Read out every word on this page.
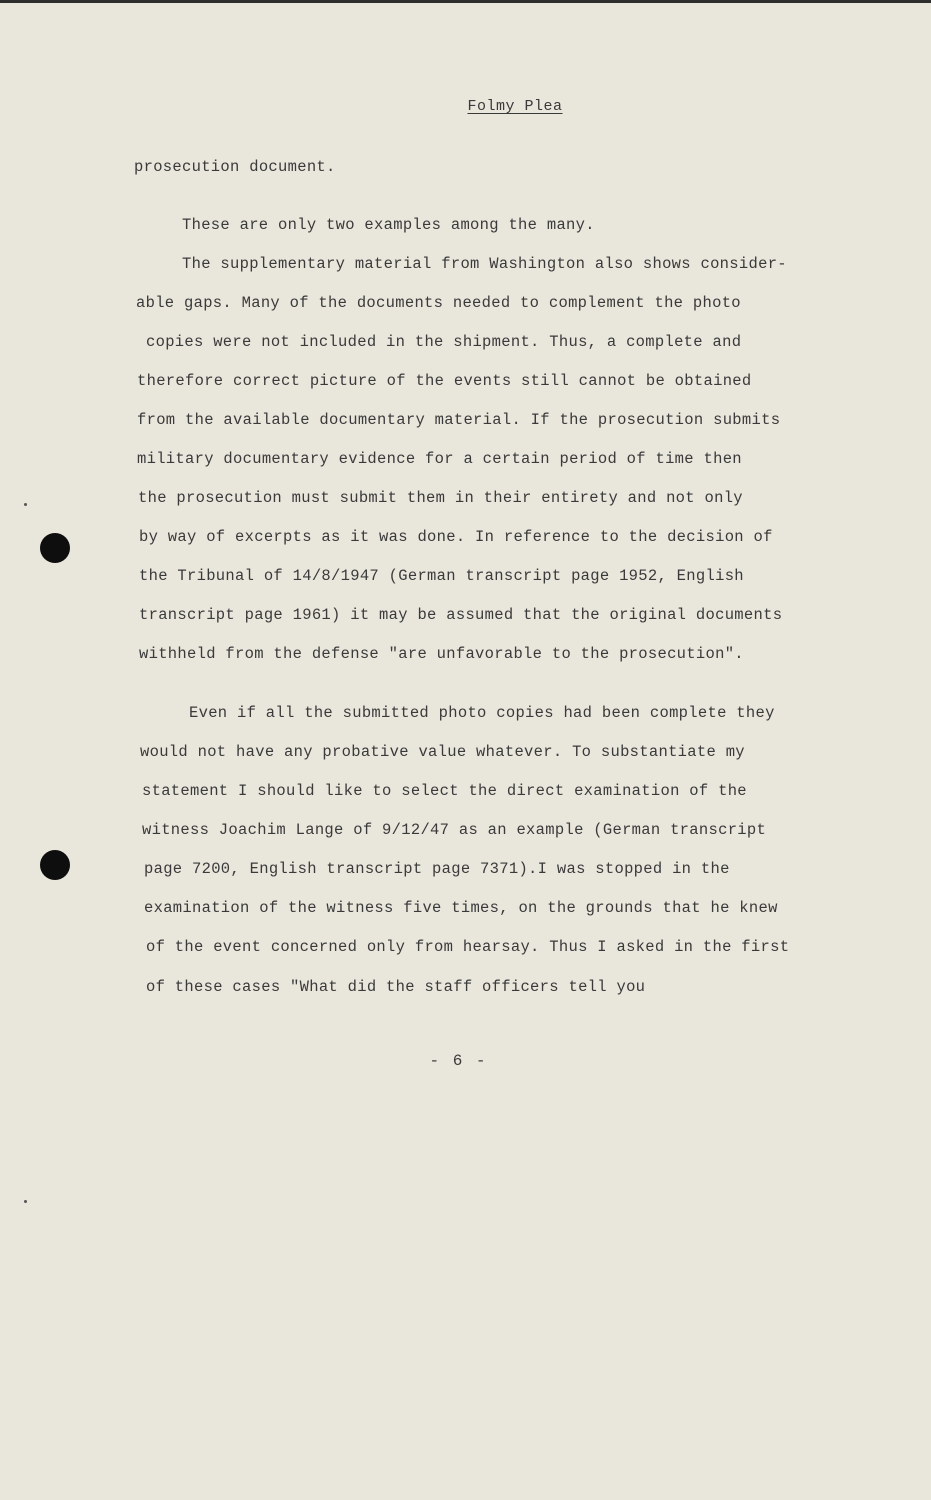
Folmy Plea
prosecution document.
These are only two examples among the many.
The supplementary material from Washington also shows consider-
able gaps. Many of the documents needed to complement the photo
copies were not included in the shipment. Thus, a complete and
therefore correct picture of the events still cannot be obtained
from the available documentary material. If the prosecution submits
military documentary evidence for a certain period of time then
the prosecution must submit them in their entirety and not only
by way of excerpts as it was done. In reference to the decision of
the Tribunal of 14/8/1947 (German transcript page 1952, English
transcript page 1961) it may be assumed that the original documents
withheld from the defense "are unfavorable to the prosecution".
Even if all the submitted photo copies had been complete they
would not have any probative value whatever. To substantiate my
statement I should like to select the direct examination of the
witness Joachim Lange of 9/12/47 as an example (German transcript
page 7200, English transcript page 7371).I was stopped in the
examination of the witness five times, on the grounds that he knew
of the event concerned only from hearsay. Thus I asked in the first
of these cases "What did the staff officers tell you
- 6 -
